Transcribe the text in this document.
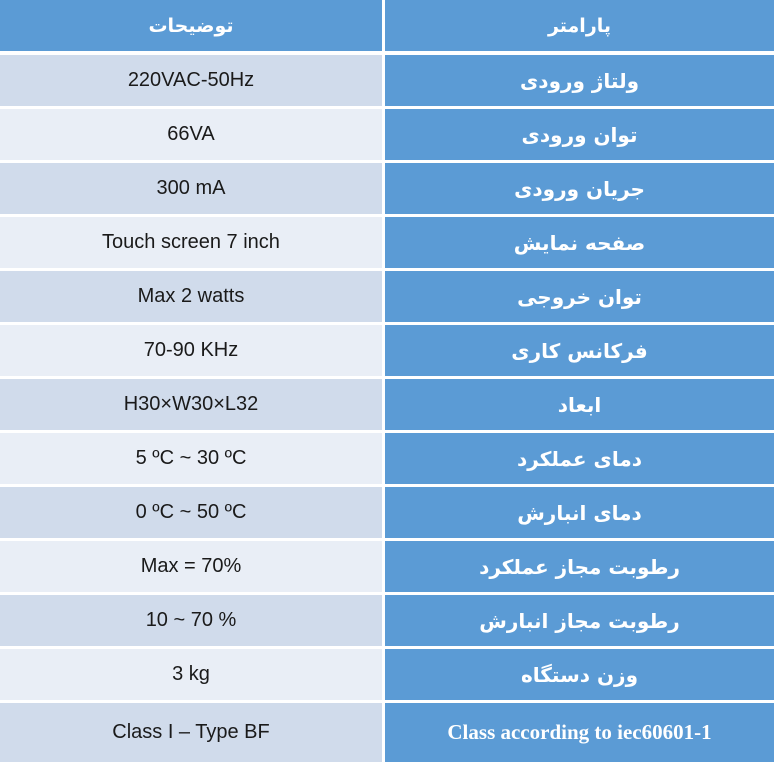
توضیحات	پارامتر
220VAC-50Hz	ولتاژ ورودی
66VA	توان ورودی
300 mA	جریان ورودی
Touch screen 7 inch	صفحه نمایش
Max 2 watts	توان خروجی
70-90 KHz	فرکانس کاری
H30×W30×L32	ابعاد
5 ºC ~ 30 ºC	دمای عملکرد
0 ºC ~ 50 ºC	دمای انبارش
Max = 70%	رطوبت مجاز عملکرد
10 ~ 70 %	رطوبت مجاز انبارش
3 kg	وزن دستگاه
Class I – Type BF	Class according to iec60601-1
